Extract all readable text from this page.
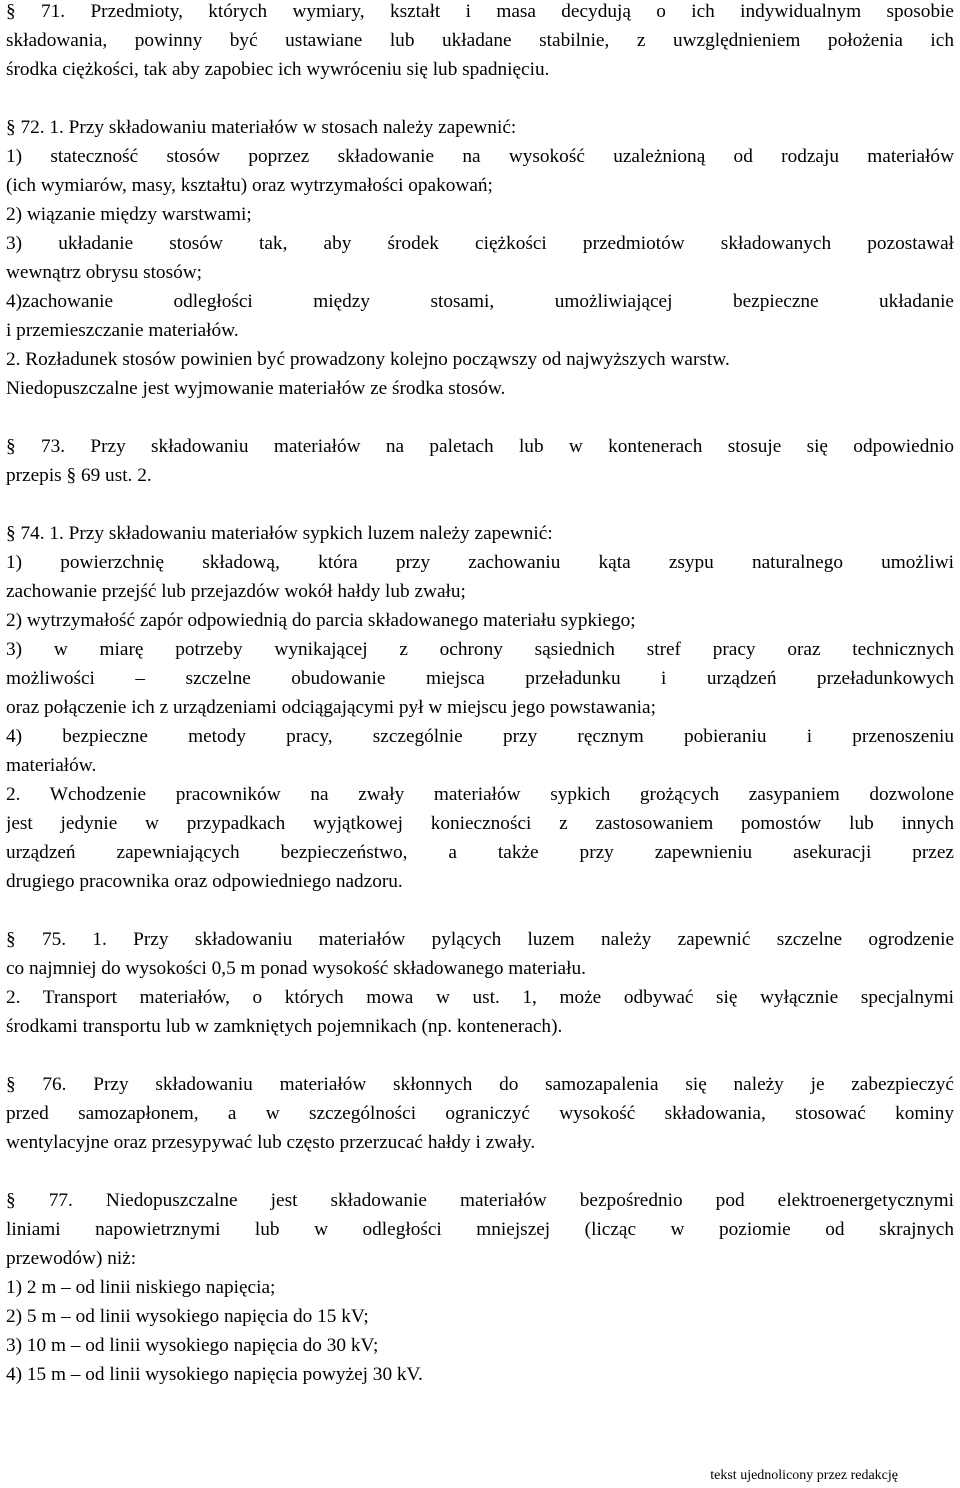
§ 71. Przedmioty, których wymiary, kształt i masa decydują o ich indywidualnym sposobie
składowania, powinny być ustawiane lub układane stabilnie, z uwzględnieniem położenia ich
środka ciężkości, tak aby zapobiec ich wywróceniu się lub spadnięciu.
§ 72. 1. Przy składowaniu materiałów w stosach należy zapewnić:
1) stateczność stosów poprzez składowanie na wysokość uzależnioną od rodzaju materiałów
(ich wymiarów, masy, kształtu) oraz wytrzymałości opakowań;
2) wiązanie między warstwami;
3) układanie stosów tak, aby środek ciężkości przedmiotów składowanych pozostawał
wewnątrz obrysu stosów;
4)zachowanie odległości między stosami, umożliwiającej bezpieczne układanie
i przemieszczanie materiałów.
2. Rozładunek stosów powinien być prowadzony kolejno począwszy od najwyższych warstw.
Niedopuszczalne jest wyjmowanie materiałów ze środka stosów.
§ 73. Przy składowaniu materiałów na paletach lub w kontenerach stosuje się odpowiednio
przepis § 69 ust. 2.
§ 74. 1. Przy składowaniu materiałów sypkich luzem należy zapewnić:
1) powierzchnię składową, która przy zachowaniu kąta zsypu naturalnego umożliwi
zachowanie przejść lub przejazdów wokół hałdy lub zwału;
2) wytrzymałość zapór odpowiednią do parcia składowanego materiału sypkiego;
3) w miarę potrzeby wynikającej z ochrony sąsiednich stref pracy oraz technicznych
możliwości – szczelne obudowanie miejsca przeładunku i urządzeń przeładunkowych
oraz połączenie ich z urządzeniami odciągającymi pył w miejscu jego powstawania;
4) bezpieczne metody pracy, szczególnie przy ręcznym pobieraniu i przenoszeniu
materiałów.
2. Wchodzenie pracowników na zwały materiałów sypkich grożących zasypaniem dozwolone
jest jedynie w przypadkach wyjątkowej konieczności z zastosowaniem pomostów lub innych
urządzeń zapewniających bezpieczeństwo, a także przy zapewnieniu asekuracji przez
drugiego pracownika oraz odpowiedniego nadzoru.
§ 75. 1. Przy składowaniu materiałów pylących luzem należy zapewnić szczelne ogrodzenie
co najmniej do wysokości 0,5 m ponad wysokość składowanego materiału.
2. Transport materiałów, o których mowa w ust. 1, może odbywać się wyłącznie specjalnymi
środkami transportu lub w zamkniętych pojemnikach (np. kontenerach).
§ 76. Przy składowaniu materiałów skłonnych do samozapalenia się należy je zabezpieczyć
przed samozapłonem, a w szczególności ograniczyć wysokość składowania, stosować kominy
wentylacyjne oraz przesypywać lub często przerzucać hałdy i zwały.
§ 77. Niedopuszczalne jest składowanie materiałów bezpośrednio pod elektroenergetycznymi
liniami napowietrznymi lub w odległości mniejszej (licząc w poziomie od skrajnych
przewodów) niż:
1) 2 m – od linii niskiego napięcia;
2) 5 m – od linii wysokiego napięcia do 15 kV;
3) 10 m – od linii wysokiego napięcia do 30 kV;
4) 15 m – od linii wysokiego napięcia powyżej 30 kV.
tekst ujednolicony przez redakcję
